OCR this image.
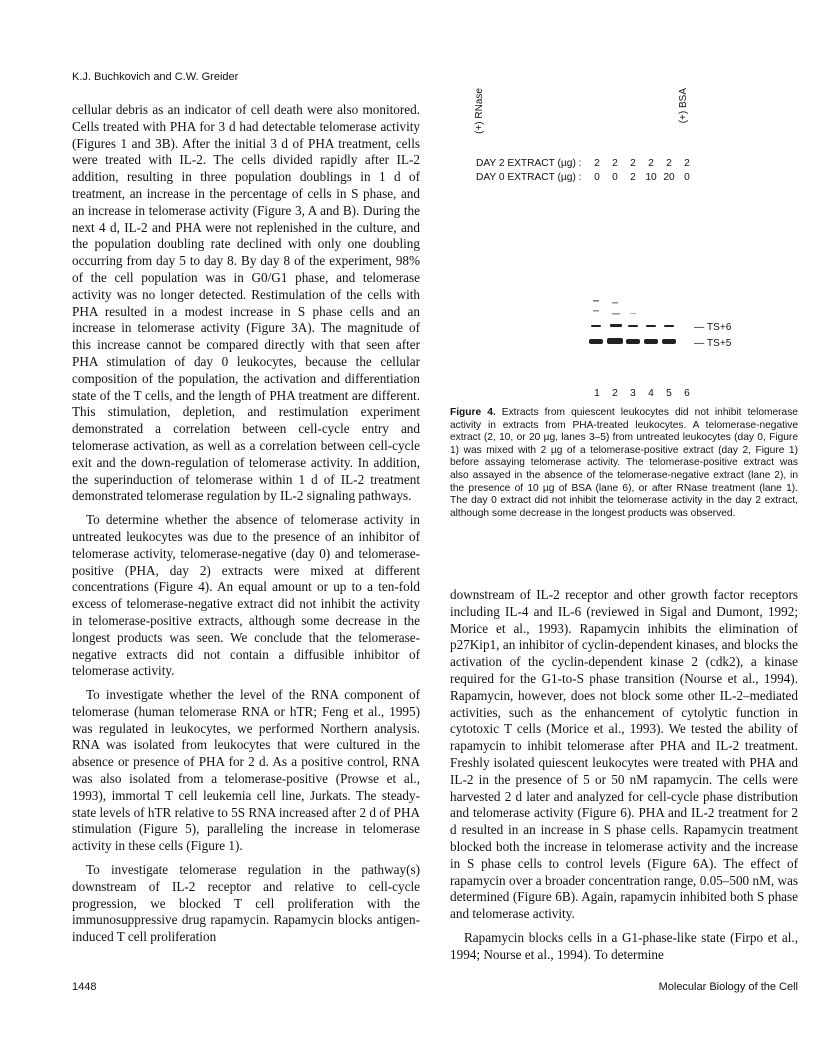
K.J. Buchkovich and C.W. Greider

cellular debris as an indicator of cell death were also monitored. Cells treated with PHA for 3 d had detectable telomerase activity (Figures 1 and 3B). After the initial 3 d of PHA treatment, cells were treated with IL-2. The cells divided rapidly after IL-2 addition, resulting in three population doublings in 1 d of treatment, an increase in the percentage of cells in S phase, and an increase in telomerase activity (Figure 3, A and B). During the next 4 d, IL-2 and PHA were not replenished in the culture, and the population doubling rate declined with only one doubling occurring from day 5 to day 8. By day 8 of the experiment, 98% of the cell population was in G0/G1 phase, and telomerase activity was no longer detected. Restimulation of the cells with PHA resulted in a modest increase in S phase cells and an increase in telomerase activity (Figure 3A). The magnitude of this increase cannot be compared directly with that seen after PHA stimulation of day 0 leukocytes, because the cellular composition of the population, the activation and differentiation state of the T cells, and the length of PHA treatment are different. This stimulation, depletion, and restimulation experiment demonstrated a correlation between cell-cycle entry and telomerase activation, as well as a correlation between cell-cycle exit and the down-regulation of telomerase activity. In addition, the superinduction of telomerase within 1 d of IL-2 treatment demonstrated telomerase regulation by IL-2 signaling pathways.

To determine whether the absence of telomerase activity in untreated leukocytes was due to the presence of an inhibitor of telomerase activity, telomerase-negative (day 0) and telomerase-positive (PHA, day 2) extracts were mixed at different concentrations (Figure 4). An equal amount or up to a ten-fold excess of telomerase-negative extract did not inhibit the activity in telomerase-positive extracts, although some decrease in the longest products was seen. We conclude that the telomerase-negative extracts did not contain a diffusible inhibitor of telomerase activity.

To investigate whether the level of the RNA component of telomerase (human telomerase RNA or hTR; Feng et al., 1995) was regulated in leukocytes, we performed Northern analysis. RNA was isolated from leukocytes that were cultured in the absence or presence of PHA for 2 d. As a positive control, RNA was also isolated from a telomerase-positive (Prowse et al., 1993), immortal T cell leukemia cell line, Jurkats. The steady-state levels of hTR relative to 5S RNA increased after 2 d of PHA stimulation (Figure 5), paralleling the increase in telomerase activity in these cells (Figure 1).

To investigate telomerase regulation in the pathway(s) downstream of IL-2 receptor and relative to cell-cycle progression, we blocked T cell proliferation with the immunosuppressive drug rapamycin. Rapamycin blocks antigen-induced T cell proliferation

(+) RNase	(+) BSA
DAY 2 EXTRACT (µg) :	2	2	2	2	2	2
DAY 0 EXTRACT (µg) :	0	0	2 10 20 0
— TS+6
— TS+5
1	2	3	4	5	6
Figure 4. Extracts from quiescent leukocytes did not inhibit telomerase activity in extracts from PHA-treated leukocytes. A telomerase-negative extract (2, 10, or 20 µg, lanes 3–5) from untreated leukocytes (day 0, Figure 1) was mixed with 2 µg of a telomerase-positive extract (day 2, Figure 1) before assaying telomerase activity. The telomerase-positive extract was also assayed in the absence of the telomerase-negative extract (lane 2), in the presence of 10 µg of BSA (lane 6), or after RNase treatment (lane 1). The day 0 extract did not inhibit the telomerase activity in the day 2 extract, although some decrease in the longest products was observed.

downstream of IL-2 receptor and other growth factor receptors including IL-4 and IL-6 (reviewed in Sigal and Dumont, 1992; Morice et al., 1993). Rapamycin inhibits the elimination of p27Kip1, an inhibitor of cyclin-dependent kinases, and blocks the activation of the cyclin-dependent kinase 2 (cdk2), a kinase required for the G1-to-S phase transition (Nourse et al., 1994). Rapamycin, however, does not block some other IL-2–mediated activities, such as the enhancement of cytolytic function in cytotoxic T cells (Morice et al., 1993). We tested the ability of rapamycin to inhibit telomerase after PHA and IL-2 treatment. Freshly isolated quiescent leukocytes were treated with PHA and IL-2 in the presence of 5 or 50 nM rapamycin. The cells were harvested 2 d later and analyzed for cell-cycle phase distribution and telomerase activity (Figure 6). PHA and IL-2 treatment for 2 d resulted in an increase in S phase cells. Rapamycin treatment blocked both the increase in telomerase activity and the increase in S phase cells to control levels (Figure 6A). The effect of rapamycin over a broader concentration range, 0.05–500 nM, was determined (Figure 6B). Again, rapamycin inhibited both S phase and telomerase activity.

Rapamycin blocks cells in a G1-phase-like state (Firpo et al., 1994; Nourse et al., 1994). To determine

1448	Molecular Biology of the Cell
